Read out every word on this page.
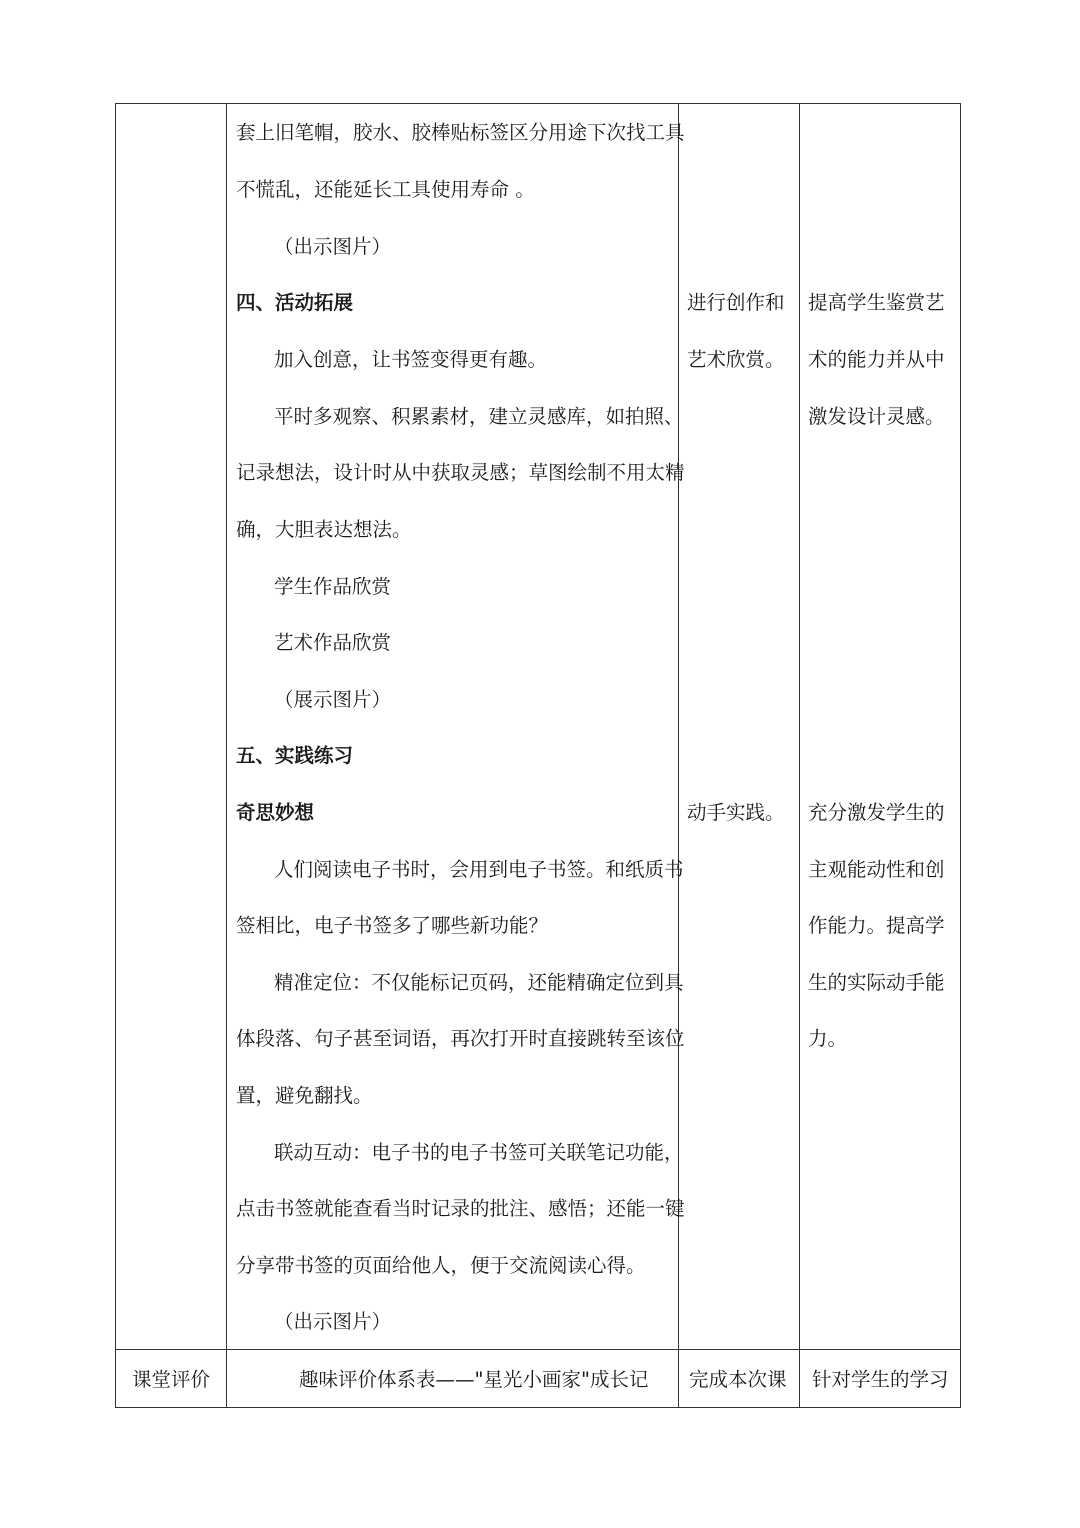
套上旧笔帽，胶水、胶棒贴标签区分用途下次找工具
不慌乱，还能延长工具使用寿命 。
（出示图片）
四、活动拓展
加入创意，让书签变得更有趣。
平时多观察、积累素材，建立灵感库，如拍照、
记录想法，设计时从中获取灵感；草图绘制不用太精
确，大胆表达想法。
学生作品欣赏
艺术作品欣赏
（展示图片）
五、实践练习
奇思妙想
人们阅读电子书时，会用到电子书签。和纸质书
签相比，电子书签多了哪些新功能？
精准定位：不仅能标记页码，还能精确定位到具
体段落、句子甚至词语，再次打开时直接跳转至该位
置，避免翻找。
联动互动：电子书的电子书签可关联笔记功能，
点击书签就能查看当时记录的批注、感悟；还能一键
分享带书签的页面给他人，便于交流阅读心得。
（出示图片）
进行创作和
艺术欣赏。
动手实践。
提高学生鉴赏艺
术的能力并从中
激发设计灵感。
充分激发学生的
主观能动性和创
作能力。提高学
生的实际动手能
力。
课堂评价	趣味评价体系表——"星光小画家"成长记 完成本次课 针对学生的学习
